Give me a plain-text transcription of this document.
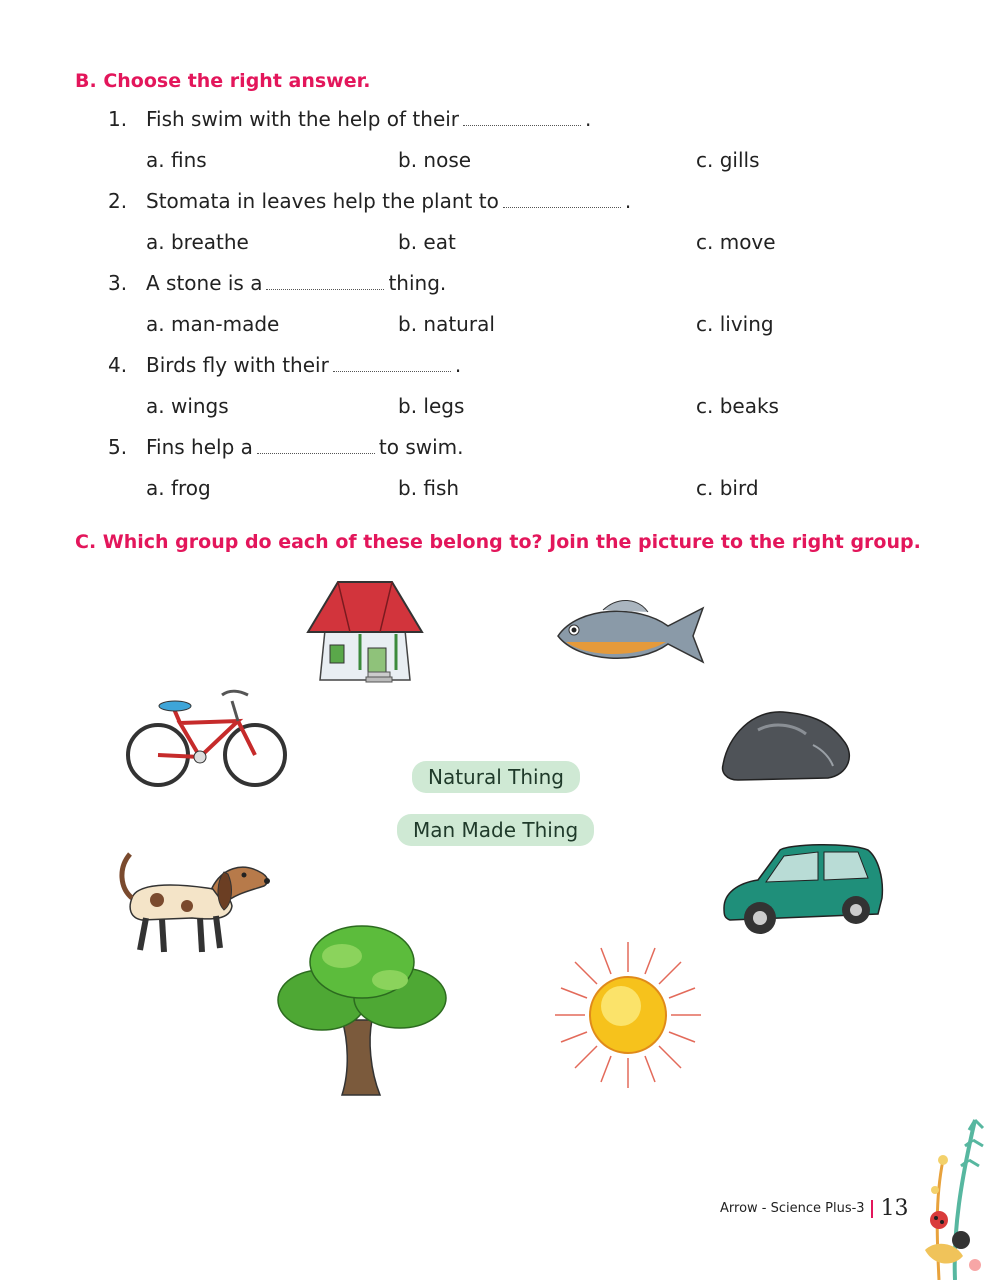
B. Choose the right answer.
1. Fish swim with the help of their	.
a. fins	b. nose	c. gills
2. Stomata in leaves help the plant to	.
a. breathe	b. eat	c. move
3. A stone is a	thing.
a. man-made	b. natural	c. living
4. Birds fly with their	.
a. wings	b. legs	c. beaks
5. Fins help a	to swim.
a. frog	b. fish	c. bird
C. Which group do each of these belong to? Join the picture to the right group.
Natural Thing
Man Made Thing
Arrow - Science Plus-3 13
